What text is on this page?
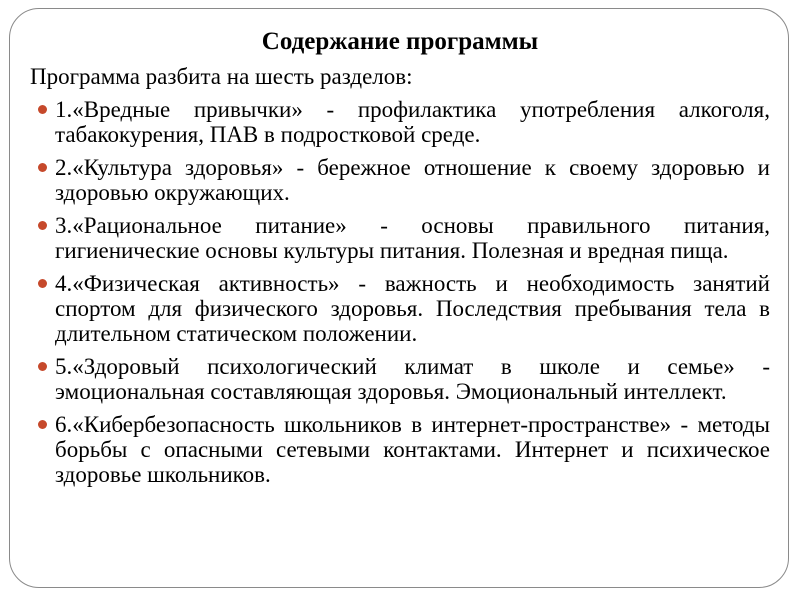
Содержание программы
Программа разбита на шесть разделов:
1.«Вредные привычки» - профилактика употребления алкоголя, табакокурения, ПАВ в подростковой среде.
2.«Культура здоровья» - бережное отношение к своему здоровью и здоровью окружающих.
3.«Рациональное питание» - основы правильного питания, гигиенические основы культуры питания. Полезная и вредная пища.
4.«Физическая активность» - важность и необходимость занятий спортом для физического здоровья. Последствия пребывания тела в длительном статическом положении.
5.«Здоровый психологический климат в школе и семье» - эмоциональная составляющая здоровья. Эмоциональный интеллект.
6.«Кибербезопасность школьников в интернет-пространстве» - методы борьбы с опасными сетевыми контактами. Интернет и психическое здоровье школьников.
